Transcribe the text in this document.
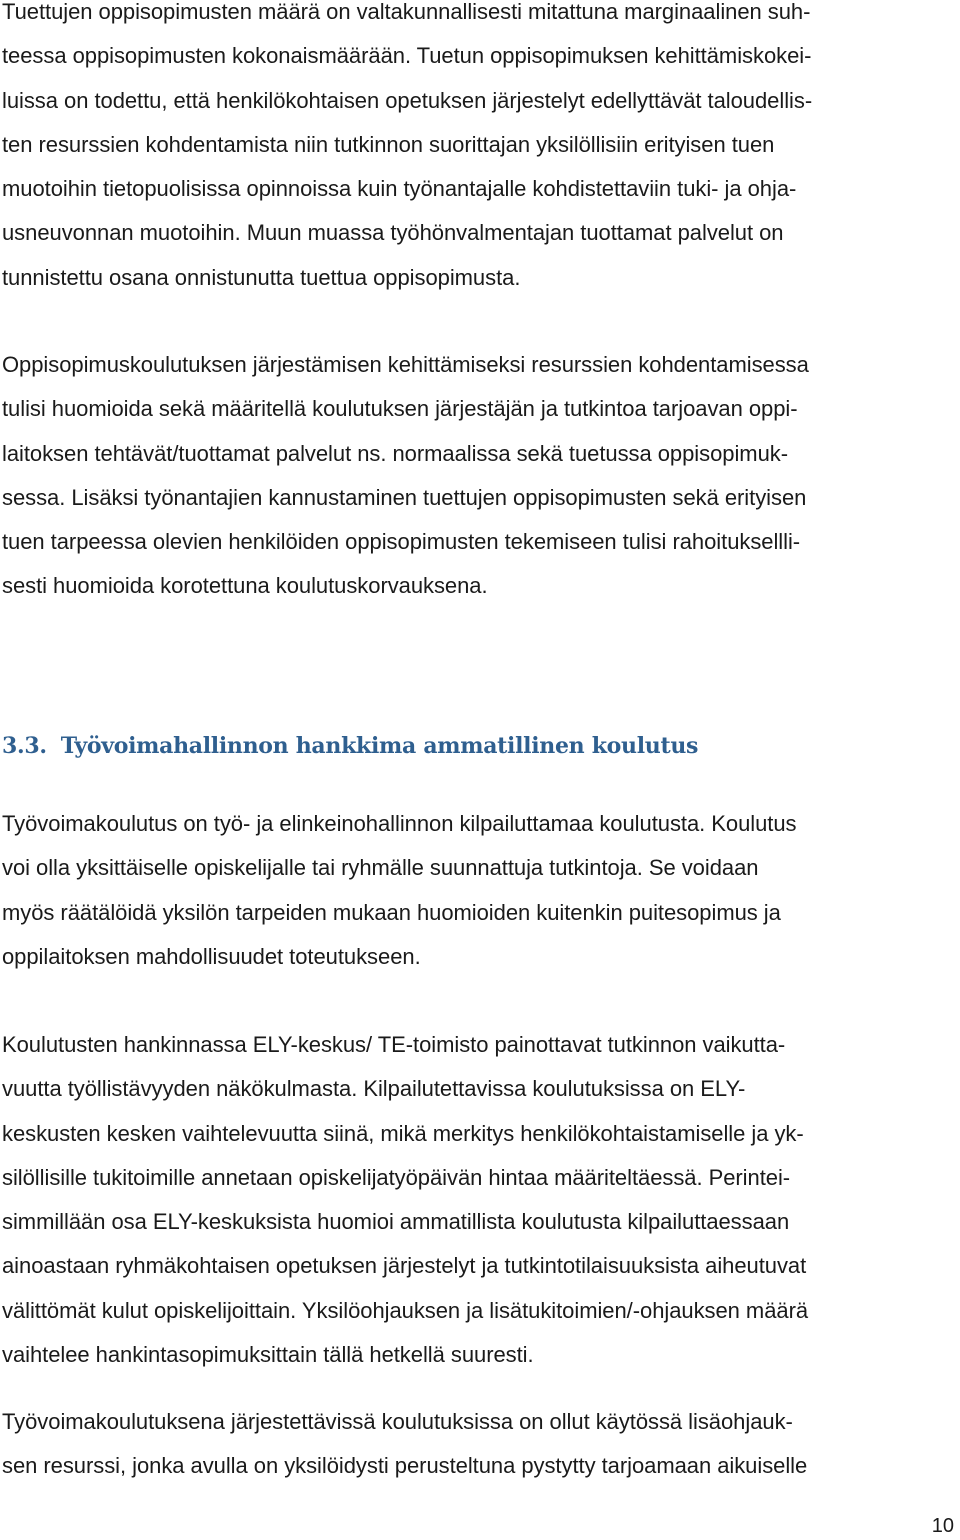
Tuettujen oppisopimusten määrä on valtakunnallisesti mitattuna marginaalinen suh-
teessa oppisopimusten kokonaismäärään. Tuetun oppisopimuksen kehittämiskokei-
luissa on todettu, että henkilökohtaisen opetuksen järjestelyt edellyttävät taloudellis-
ten resurssien kohdentamista niin tutkinnon suorittajan yksilöllisiin erityisen tuen
muotoihin tietopuolisissa opinnoissa kuin työnantajalle kohdistettaviin tuki- ja ohja-
usneuvonnan muotoihin. Muun muassa työhönvalmentajan tuottamat palvelut on
tunnistettu osana onnistunutta tuettua oppisopimusta.

Oppisopimuskoulutuksen järjestämisen kehittämiseksi resurssien kohdentamisessa
tulisi huomioida sekä määritellä koulutuksen järjestäjän ja tutkintoa tarjoavan oppi-
laitoksen tehtävät/tuottamat palvelut ns. normaalissa sekä tuetussa oppisopimuk-
sessa. Lisäksi työnantajien kannustaminen tuettujen oppisopimusten sekä erityisen
tuen tarpeessa olevien henkilöiden oppisopimusten tekemiseen tulisi rahoituksellli-
sesti huomioida korotettuna koulutuskorvauksena.

3.3. Työvoimahallinnon hankkima ammatillinen koulutus

Työvoimakoulutus on työ- ja elinkeinohallinnon kilpailuttamaa koulutusta. Koulutus
voi olla yksittäiselle opiskelijalle tai ryhmälle suunnattuja tutkintoja. Se voidaan
myös räätälöidä yksilön tarpeiden mukaan huomioiden kuitenkin puitesopimus ja
oppilaitoksen mahdollisuudet toteutukseen.

Koulutusten hankinnassa ELY-keskus/ TE-toimisto painottavat tutkinnon vaikutta-
vuutta työllistävyyden näkökulmasta. Kilpailutettavissa koulutuksissa on ELY-
keskusten kesken vaihtelevuutta siinä, mikä merkitys henkilökohtaistamiselle ja yk-
silöllisille tukitoimille annetaan opiskelijatyöpäivän hintaa määriteltäessä. Perintei-
simmillään osa ELY-keskuksista huomioi ammatillista koulutusta kilpailuttaessaan
ainoastaan ryhmäkohtaisen opetuksen järjestelyt ja tutkintotilaisuuksista aiheutuvat
välittömät kulut opiskelijoittain. Yksilöohjauksen ja lisätukitoimien/-ohjauksen määrä
vaihtelee hankintasopimuksittain tällä hetkellä suuresti.

Työvoimakoulutuksena järjestettävissä koulutuksissa on ollut käytössä lisäohjauk-
sen resurssi, jonka avulla on yksilöidysti perusteltuna pystytty tarjoamaan aikuiselle

10
